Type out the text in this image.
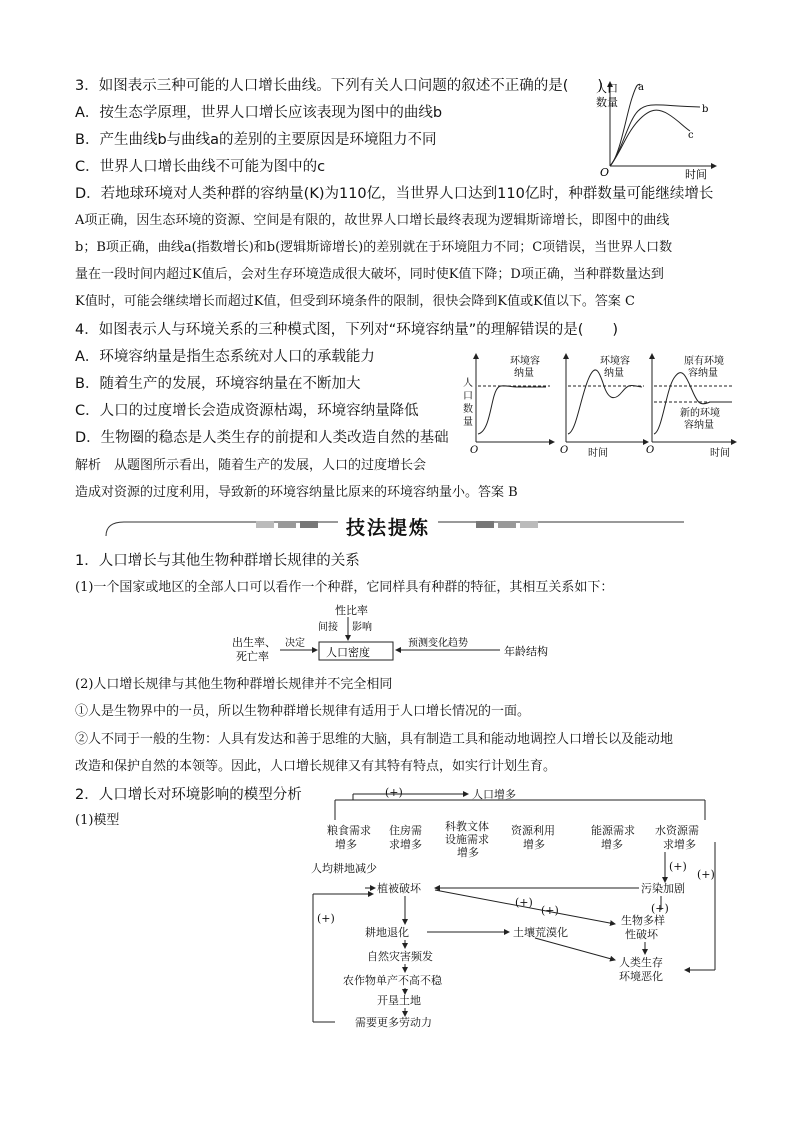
3．如图表示三种可能的人口增长曲线。下列有关人口问题的叙述不正确的是(　　)
A．按生态学原理，世界人口增长应该表现为图中的曲线b
B．产生曲线b与曲线a的差别的主要原因是环境阻力不同
C．世界人口增长曲线不可能为图中的c
D．若地球环境对人类种群的容纳量(K)为110亿，当世界人口达到110亿时，种群数量可能继续增长
A项正确，因生态环境的资源、空间是有限的，故世界人口增长最终表现为逻辑斯谛增长，即图中的曲线
b；B项正确，曲线a(指数增长)和b(逻辑斯谛增长)的差别就在于环境阻力不同；C项错误，当世界人口数
量在一段时间内超过K值后，会对生存环境造成很大破坏，同时使K值下降；D项正确，当种群数量达到
K值时，可能会继续增长而超过K值，但受到环境条件的限制，很快会降到K值或K值以下。答案 C
人口
数量
O	时间
a
b
c
4．如图表示人与环境关系的三种模式图，下列对“环境容纳量”的理解错误的是(　　)
A．环境容纳量是指生态系统对人口的承载能力
B．随着生产的发展，环境容纳量在不断加大
C．人口的过度增长会造成资源枯竭，环境容纳量降低
D．生物圈的稳态是人类生存的前提和人类改造自然的基础
解析　从题图所示看出，随着生产的发展，人口的过度增长会
造成对资源的过度利用，导致新的环境容纳量比原来的环境容纳量小。答案 B
人
口
数
量
O
环境容
纳量
O
环境容
纳量
时间	O
原有环境
容纳量
新的环境
容纳量
时间
技法提炼
1．人口增长与其他生物种群增长规律的关系
(1)一个国家或地区的全部人口可以看作一个种群，它同样具有种群的特征，其相互关系如下：
性比率
间接 影响
出生率、
死亡率
决定
人口密度
预测变化趋势
年龄结构
(2)人口增长规律与其他生物种群增长规律并不完全相同
①人是生物界中的一员，所以生物种群增长规律有适用于人口增长情况的一面。
②人不同于一般的生物：人具有发达和善于思维的大脑，具有制造工具和能动地调控人口增长以及能动地
改造和保护自然的本领等。因此，人口增长规律又有其特有特点，如实行计划生育。
2．人口增长对环境影响的模型分析
(1)模型
(+)	人口增多
粮食需求
增多
住房需
求增多
科教文体
设施需求
增多
资源利用
增多
能源需求
增多
水资源需
求增多
人均耕地减少
植被破坏	污染加剧
(+)
(+)
(+)
(+)	(+)
(+)
耕地退化	土壤荒漠化
生物多样
性破坏
自然灾害频发	人类生存
环境恶化
农作物单产不高不稳
开垦土地
需要更多劳动力
